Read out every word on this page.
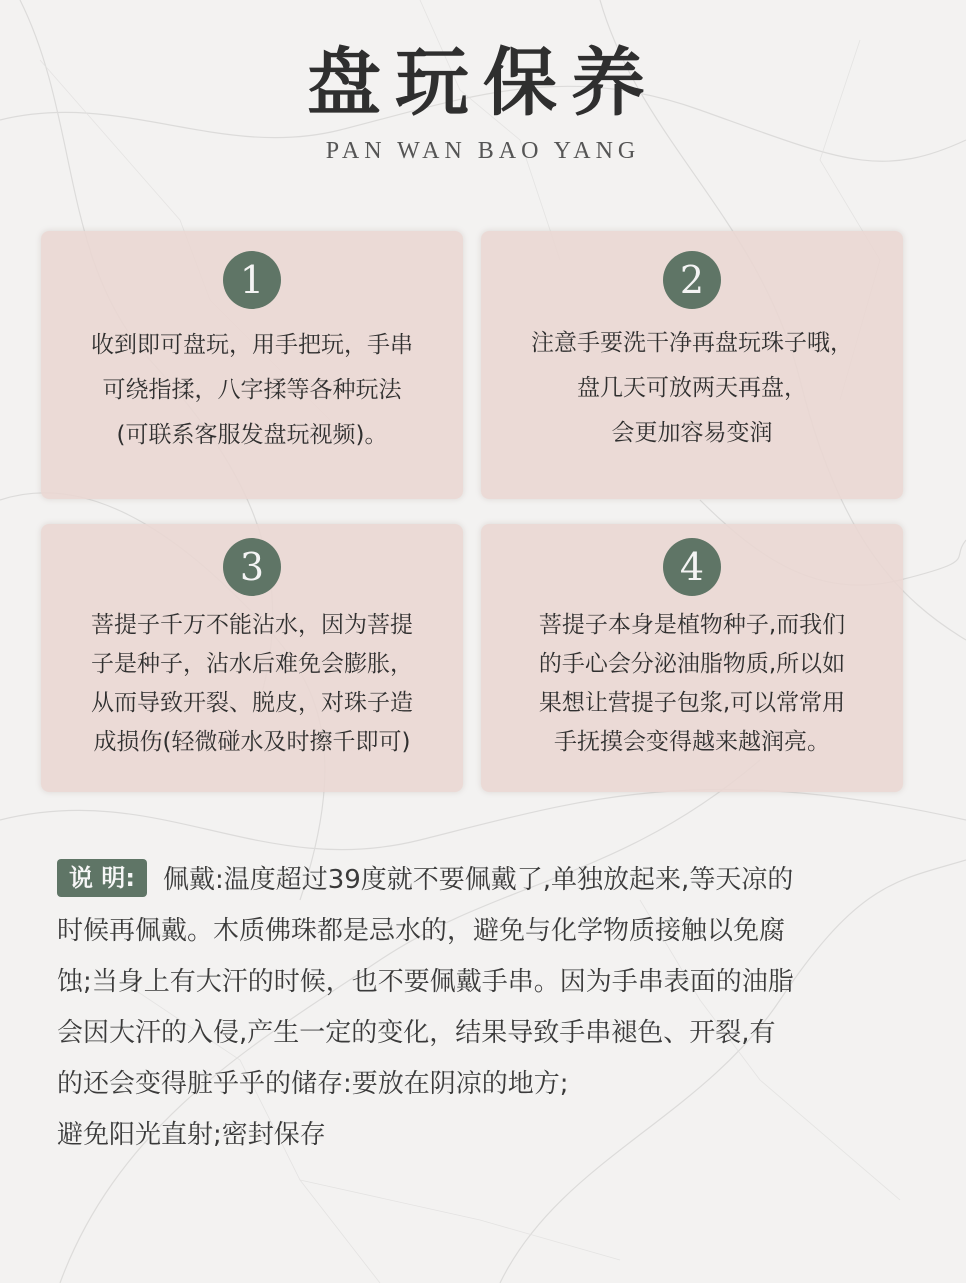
盘玩保养
PAN WAN BAO YANG
1
收到即可盘玩，用手把玩，手串
可绕指揉，八字揉等各种玩法
(可联系客服发盘玩视频)。
2
注意手要洗干净再盘玩珠子哦，
盘几天可放两天再盘，
会更加容易变润
3
菩提子千万不能沾水，因为菩提
子是种子，沾水后难免会膨胀，
从而导致开裂、脱皮，对珠子造
成损伤(轻微碰水及时擦千即可)
4
菩提子本身是植物种子,而我们
的手心会分泌油脂物质,所以如
果想让营提子包浆,可以常常用
手抚摸会变得越来越润亮。
说 明: 佩戴:温度超过39度就不要佩戴了,单独放起来,等天凉的
时候再佩戴。木质佛珠都是忌水的，避免与化学物质接触以免腐
蚀;当身上有大汗的时候，也不要佩戴手串。因为手串表面的油脂
会因大汗的入侵,产生一定的变化，结果导致手串褪色、开裂,有
的还会变得脏乎乎的储存:要放在阴凉的地方;
避免阳光直射;密封保存
